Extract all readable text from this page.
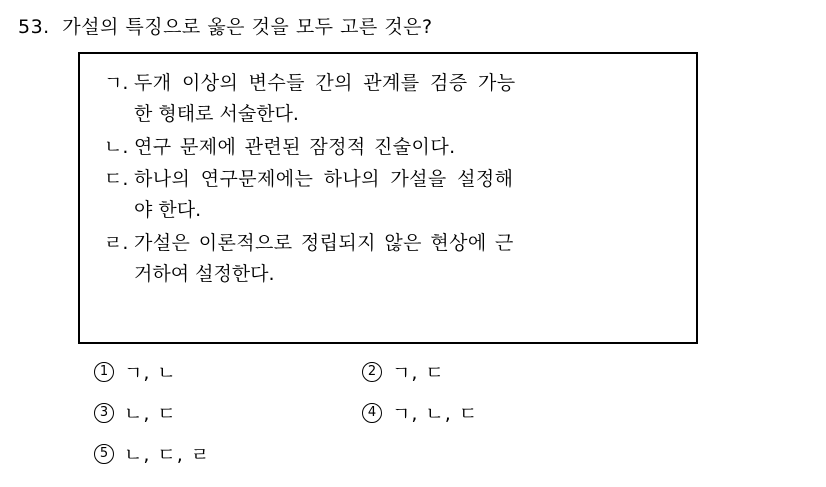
53. 가설의 특징으로 옳은 것을 모두 고른 것은?
ㄱ. 두개 이상의 변수들 간의 관계를 검증 가능
한 형태로 서술한다.
ㄴ. 연구 문제에 관련된 잠정적 진술이다.
ㄷ. 하나의 연구문제에는 하나의 가설을 설정해
야 한다.
ㄹ. 가설은 이론적으로 정립되지 않은 현상에 근
거하여 설정한다.
1 ㄱ, ㄴ	2 ㄱ, ㄷ
3 ㄴ, ㄷ	4 ㄱ, ㄴ, ㄷ
5 ㄴ, ㄷ, ㄹ
